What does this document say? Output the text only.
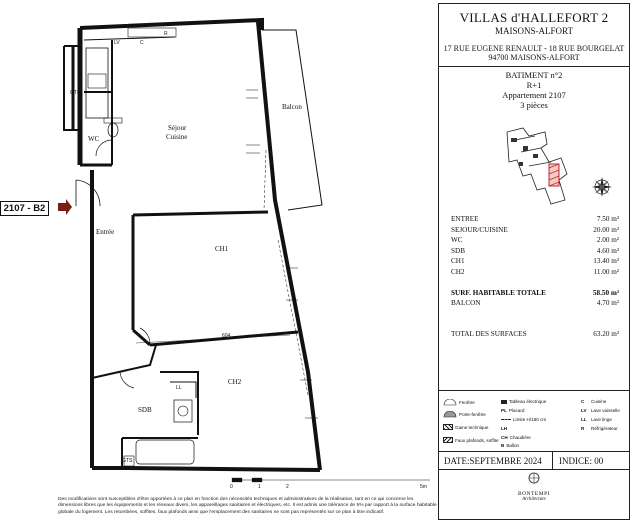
2107 - B2
Séjour
Cuisine
Balcon
WC
Entrée
CH1
CH2
SDB
GT4
GTS
LV	C
R
LL
604
0	1	2	5m
VILLAS d'HALLEFORT 2
MAISONS-ALFORT
17 RUE EUGENE RENAULT - 18 RUE BOURGELAT
94700 MAISONS-ALFORT
BATIMENT n°2
R+1
Appartement 2107
3 pièces
ENTREE	7.50 m²
SEJOUR/CUISINE	20.00 m²
WC	2.00 m²
SDB	4.60 m²
CH1	13.40 m²
CH2	11.00 m²
SURF. HABITABLE TOTALE	58.50 m²
BALCON	4.70 m²
TOTAL DES SURFACES	63.20 m²
Fenêtre
Porte-fenêtre
Gaine technique
Faux plafonds, soffite
Tableau électrique
PL Placard
Limite H/180 cm
LH
CH Chaudière
B Ballon
C	Cuisine
LV Lave vaisselle
LL Lave linge
R	Réfrigérateur
DATE:SEPTEMBRE 2024	INDICE: 00
BONTEMPI
Architecture
Des modifications sont susceptibles d'être apportées à ce plan en fonction des nécessités techniques et administratives de la réalisation, tant en ce qui concerne les dimensions libres que les équipements et les réseaux divers, les appareillages sanitaires et électriques, etc. Il est admis une tolérance de 5% par rapport à la surface habitable globale du logement. Les retombées, soffites, faux plafonds ainsi que l'emplacement des sanitaires ne sont pas représentés sur ce plan à titre indicatif.
